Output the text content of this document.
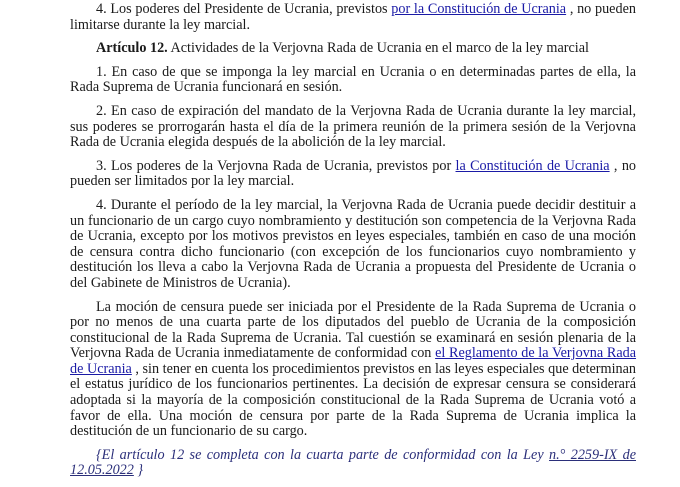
4. Los poderes del Presidente de Ucrania, previstos por la Constitución de Ucrania , no pueden limitarse durante la ley marcial.

Artículo 12. Actividades de la Verjovna Rada de Ucrania en el marco de la ley marcial

1. En caso de que se imponga la ley marcial en Ucrania o en determinadas partes de ella, la Rada Suprema de Ucrania funcionará en sesión.

2. En caso de expiración del mandato de la Verjovna Rada de Ucrania durante la ley marcial, sus poderes se prorrogarán hasta el día de la primera reunión de la primera sesión de la Verjovna Rada de Ucrania elegida después de la abolición de la ley marcial.

3. Los poderes de la Verjovna Rada de Ucrania, previstos por la Constitución de Ucrania , no pueden ser limitados por la ley marcial.

4. Durante el período de la ley marcial, la Verjovna Rada de Ucrania puede decidir destituir a un funcionario de un cargo cuyo nombramiento y destitución son competencia de la Verjovna Rada de Ucrania, excepto por los motivos previstos en leyes especiales, también en caso de una moción de censura contra dicho funcionario (con excepción de los funcionarios cuyo nombramiento y destitución los lleva a cabo la Verjovna Rada de Ucrania a propuesta del Presidente de Ucrania o del Gabinete de Ministros de Ucrania).

La moción de censura puede ser iniciada por el Presidente de la Rada Suprema de Ucrania o por no menos de una cuarta parte de los diputados del pueblo de Ucrania de la composición constitucional de la Rada Suprema de Ucrania. Tal cuestión se examinará en sesión plenaria de la Verjovna Rada de Ucrania inmediatamente de conformidad con el Reglamento de la Verjovna Rada de Ucrania , sin tener en cuenta los procedimientos previstos en las leyes especiales que determinan el estatus jurídico de los funcionarios pertinentes. La decisión de expresar censura se considerará adoptada si la mayoría de la composición constitucional de la Rada Suprema de Ucrania votó a favor de ella. Una moción de censura por parte de la Rada Suprema de Ucrania implica la destitución de un funcionario de su cargo.

{El artículo 12 se completa con la cuarta parte de conformidad con la Ley n.° 2259-IX de 12.05.2022 }
